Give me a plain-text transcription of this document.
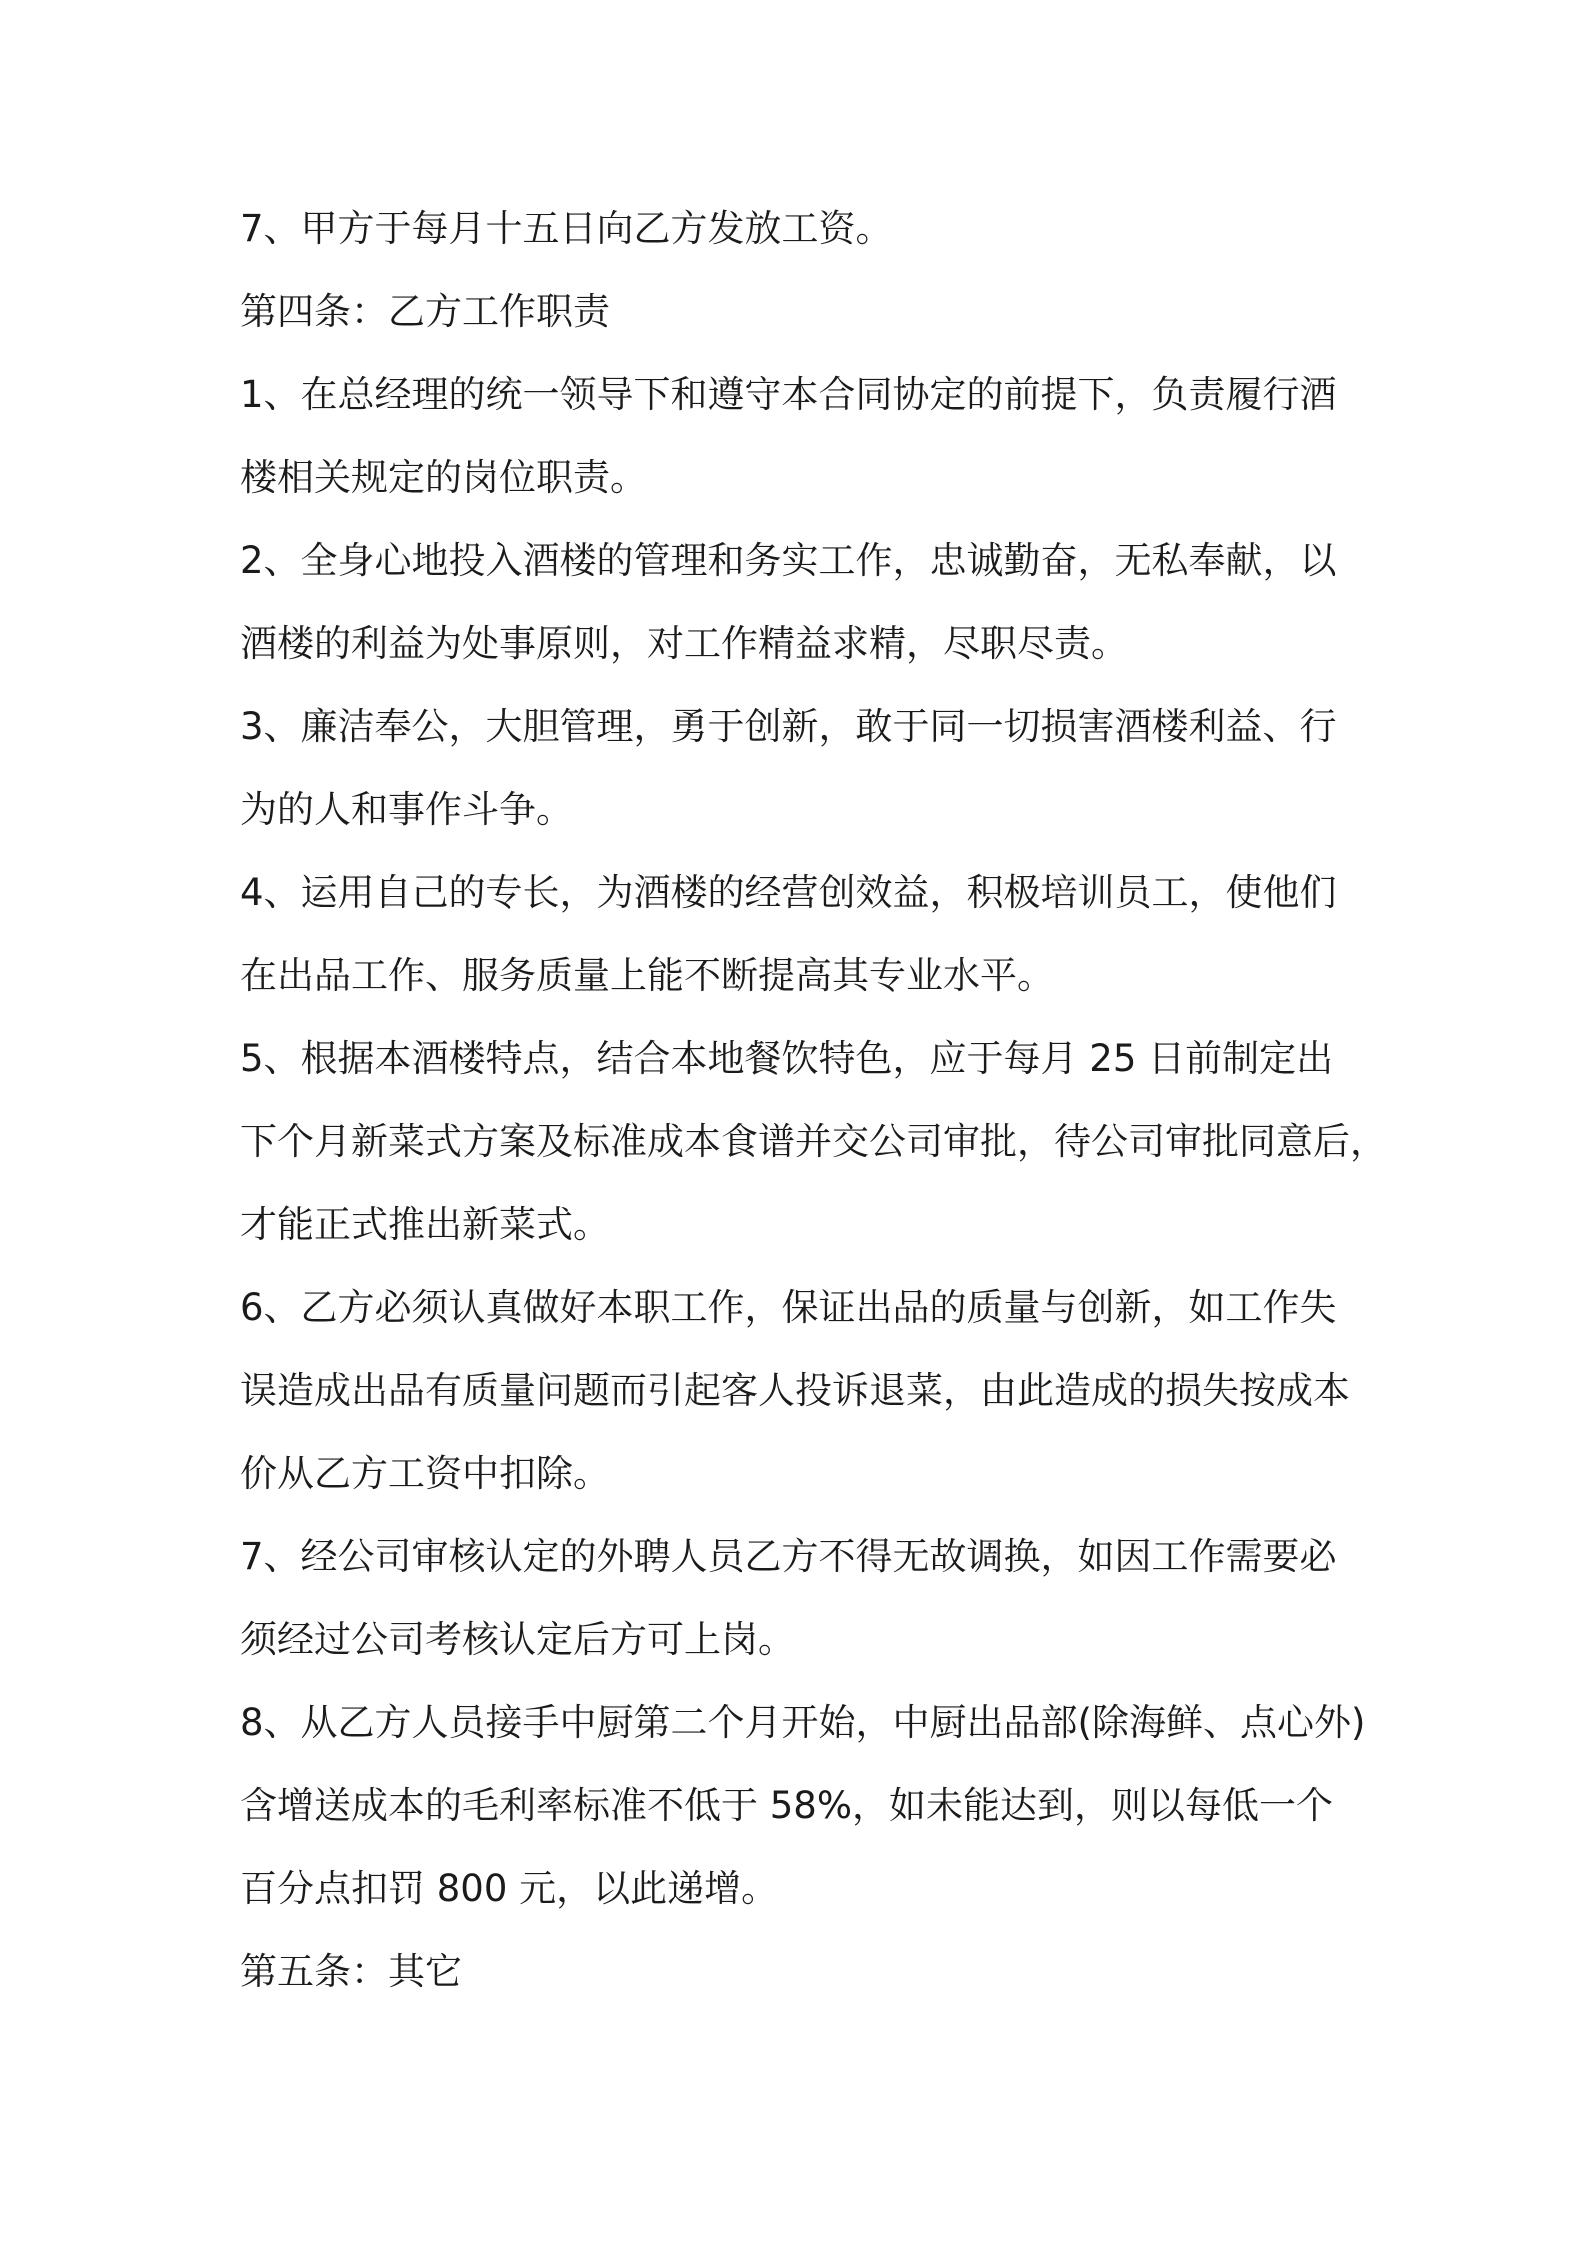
7、甲方于每月十五日向乙方发放工资。
第四条：乙方工作职责
1、在总经理的统一领导下和遵守本合同协定的前提下，负责履行酒
楼相关规定的岗位职责。
2、全身心地投入酒楼的管理和务实工作，忠诚勤奋，无私奉献，以
酒楼的利益为处事原则，对工作精益求精，尽职尽责。
3、廉洁奉公，大胆管理，勇于创新，敢于同一切损害酒楼利益、行
为的人和事作斗争。
4、运用自己的专长，为酒楼的经营创效益，积极培训员工，使他们
在出品工作、服务质量上能不断提高其专业水平。
5、根据本酒楼特点，结合本地餐饮特色，应于每月 25 日前制定出
下个月新菜式方案及标准成本食谱并交公司审批，待公司审批同意后，
才能正式推出新菜式。
6、乙方必须认真做好本职工作，保证出品的质量与创新，如工作失
误造成出品有质量问题而引起客人投诉退菜，由此造成的损失按成本
价从乙方工资中扣除。
7、经公司审核认定的外聘人员乙方不得无故调换，如因工作需要必
须经过公司考核认定后方可上岗。
8、从乙方人员接手中厨第二个月开始，中厨出品部(除海鲜、点心外)
含增送成本的毛利率标准不低于 58%，如未能达到，则以每低一个
百分点扣罚 800 元，以此递增。
第五条：其它
